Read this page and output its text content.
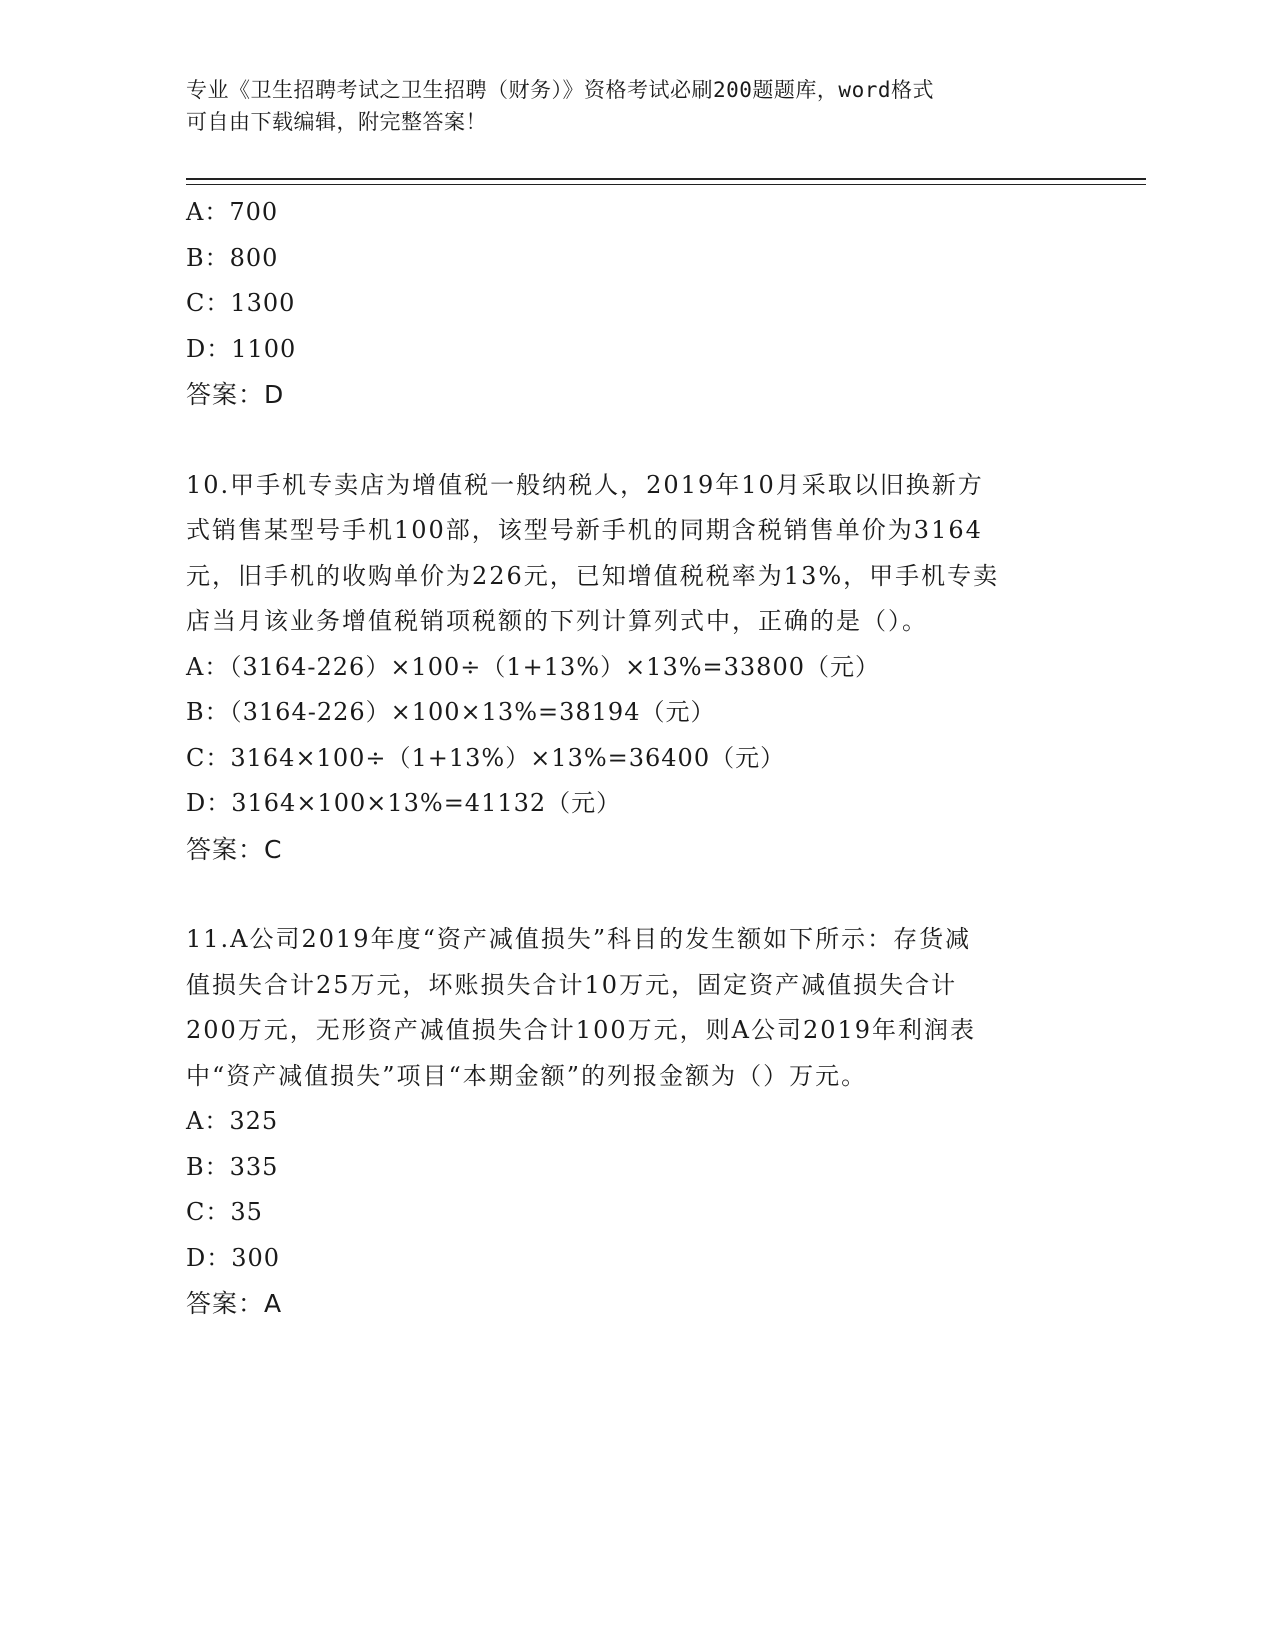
专业《卫生招聘考试之卫生招聘（财务）》资格考试必刷200题题库，word格式
可自由下载编辑，附完整答案！
A：700
B：800
C：1300
D：1100
答案：D
10.甲手机专卖店为增值税一般纳税人，2019年10月采取以旧换新方
式销售某型号手机100部，该型号新手机的同期含税销售单价为3164
元，旧手机的收购单价为226元，已知增值税税率为13%，甲手机专卖
店当月该业务增值税销项税额的下列计算列式中，正确的是（）。
A：（3164-226）×100÷（1+13%）×13%=33800（元）
B：（3164-226）×100×13%=38194（元）
C：3164×100÷（1+13%）×13%=36400（元）
D：3164×100×13%=41132（元）
答案：C
11.A公司2019年度“资产减值损失”科目的发生额如下所示：存货减
值损失合计25万元，坏账损失合计10万元，固定资产减值损失合计
200万元，无形资产减值损失合计100万元，则A公司2019年利润表
中“资产减值损失”项目“本期金额”的列报金额为（）万元。
A：325
B：335
C：35
D：300
答案：A
